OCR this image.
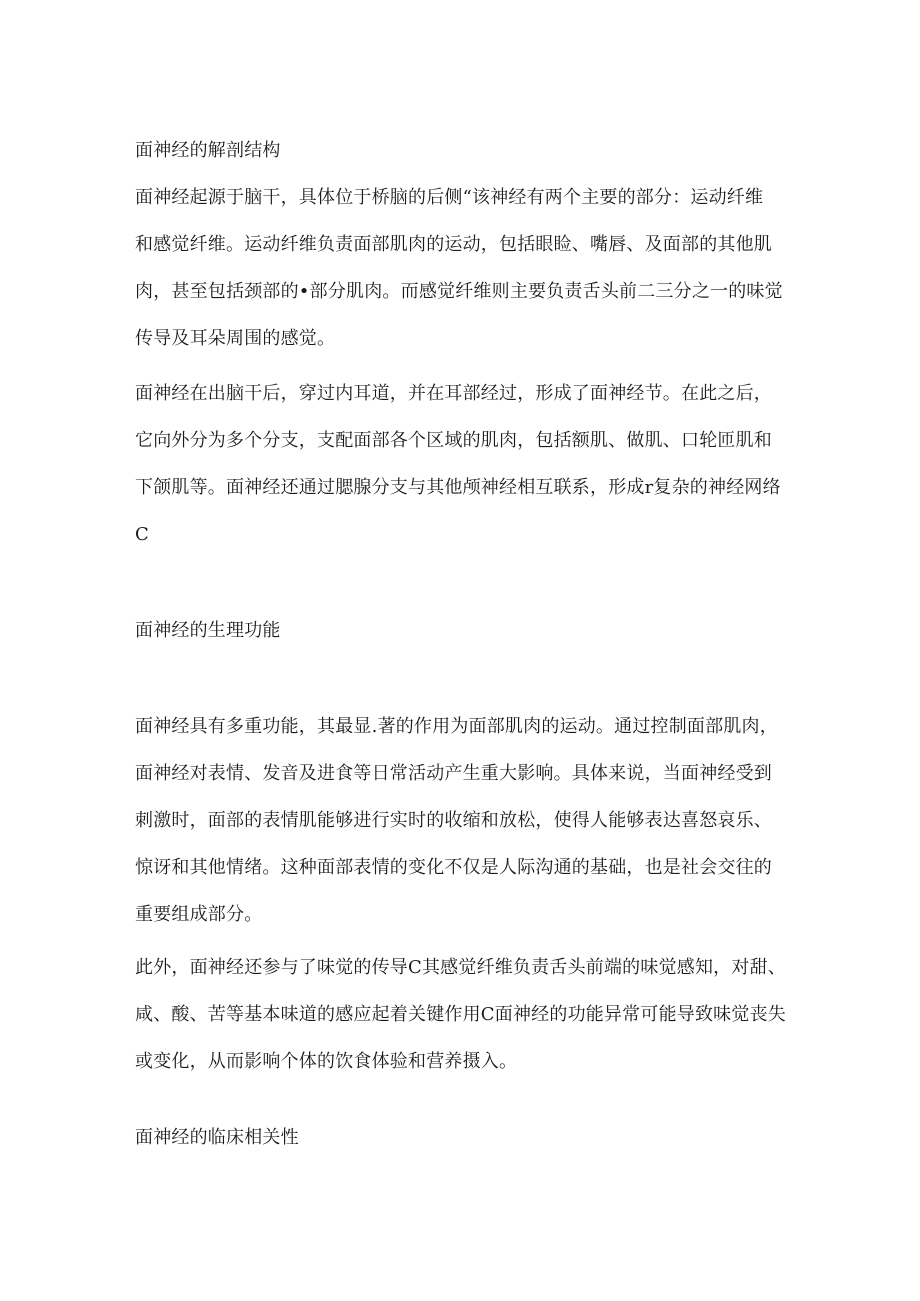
面神经的解剖结构
面神经起源于脑干，具体位于桥脑的后侧“该神经有两个主要的部分：运动纤维
和感觉纤维。运动纤维负责面部肌肉的运动，包括眼睑、嘴唇、及面部的其他肌
肉，甚至包括颈部的•部分肌肉。而感觉纤维则主要负责舌头前二三分之一的味觉
传导及耳朵周围的感觉。
面神经在出脑干后，穿过内耳道，并在耳部经过，形成了面神经节。在此之后，
它向外分为多个分支，支配面部各个区域的肌肉，包括额肌、做肌、口轮匝肌和
下颌肌等。面神经还通过腮腺分支与其他颅神经相互联系，形成r复杂的神经网络
C
面神经的生理功能
面神经具有多重功能，其最显.著的作用为面部肌肉的运动。通过控制面部肌肉，
面神经对表情、发音及进食等日常活动产生重大影响。具体来说，当面神经受到
刺激时，面部的表情肌能够进行实时的收缩和放松，使得人能够表达喜怒哀乐、
惊讶和其他情绪。这种面部表情的变化不仅是人际沟通的基础，也是社会交往的
重要组成部分。
此外，面神经还参与了味觉的传导C其感觉纤维负责舌头前端的味觉感知，对甜、
咸、酸、苦等基本味道的感应起着关键作用C面神经的功能异常可能导致味觉丧失
或变化，从而影响个体的饮食体验和营养摄入。
面神经的临床相关性
